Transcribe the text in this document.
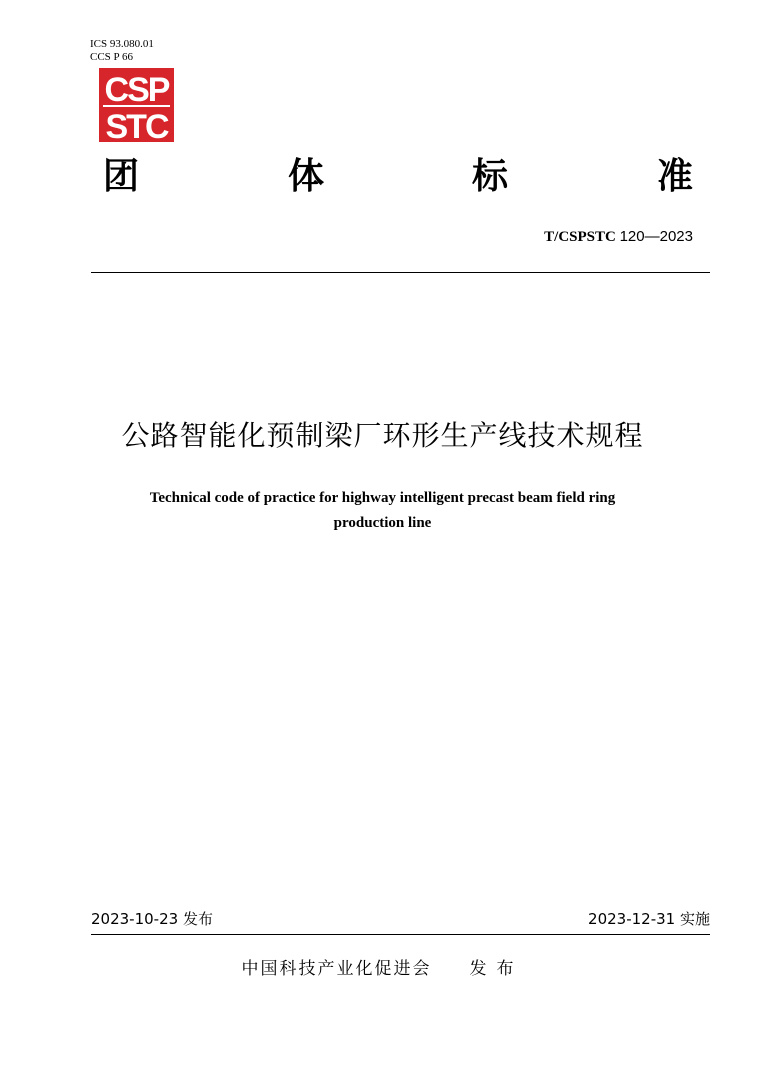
ICS 93.080.01
CCS P 66
CSP
STC
团	体	标	准
T/CSPSTC 120—2023
公路智能化预制梁厂环形生产线技术规程
Technical code of practice for highway intelligent precast beam field ring
production line
2023-10-23 发布	2023-12-31 实施
中国科技产业化促进会 发布
